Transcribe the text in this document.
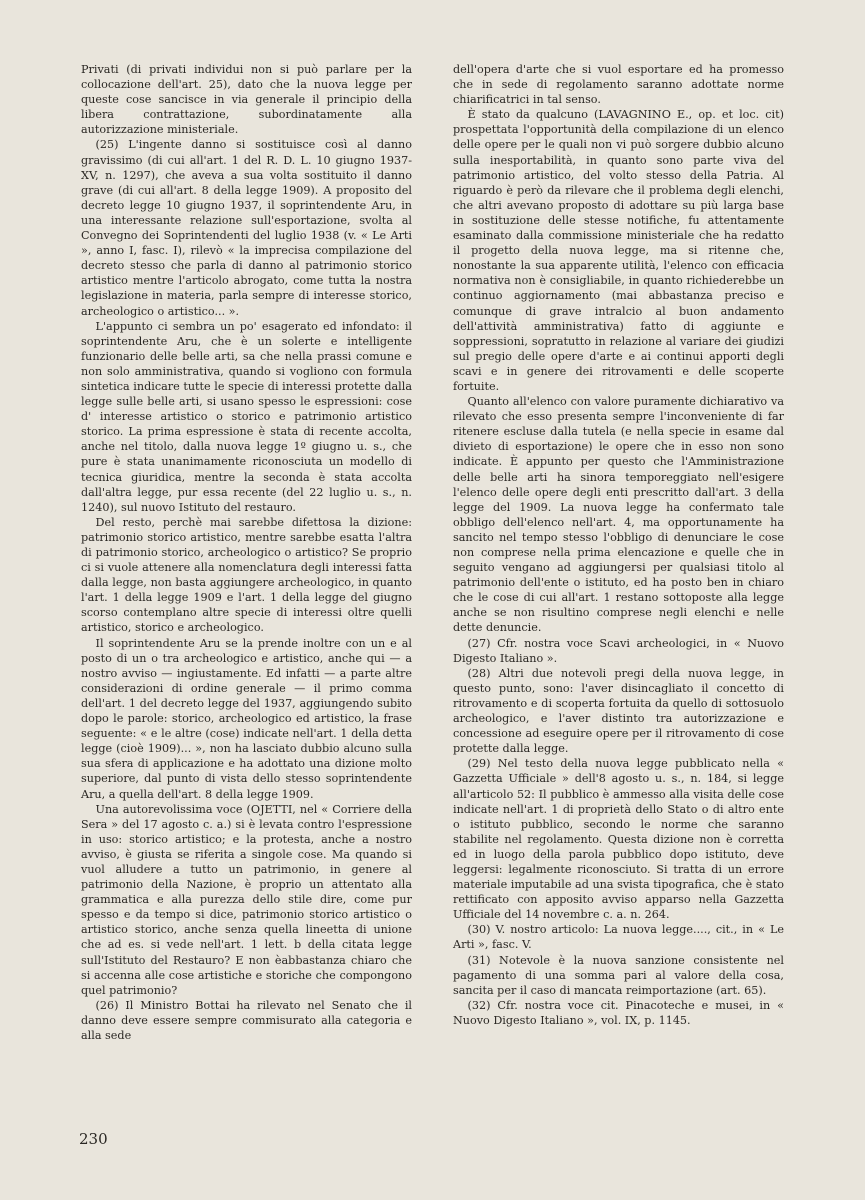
Privati (di privati individui non si può parlare per la collocazione dell'art. 25), dato che la nuova legge per queste cose sancisce in via generale il principio della libera contrattazione, subordinatamente alla autorizzazione ministeriale.

(25) L'ingente danno si sostituisce così al danno gravissimo (di cui all'art. 1 del R. D. L. 10 giugno 1937-XV, n. 1297), che aveva a sua volta sostituito il danno grave (di cui all'art. 8 della legge 1909). A proposito del decreto legge 10 giugno 1937, il soprintendente Aru, in una interessante relazione sull'esportazione, svolta al Convegno dei Soprintendenti del luglio 1938 (v. « Le Arti », anno I, fasc. I), rilevò « la imprecisa compilazione del decreto stesso che parla di danno al patrimonio storico artistico mentre l'articolo abrogato, come tutta la nostra legislazione in materia, parla sempre di interesse storico, archeologico o artistico... ».

L'appunto ci sembra un po' esagerato ed infondato: il soprintendente Aru, che è un solerte e intelligente funzionario delle belle arti, sa che nella prassi comune e non solo amministrativa, quando si vogliono con formula sintetica indicare tutte le specie di interessi protette dalla legge sulle belle arti, si usano spesso le espressioni: cose d' interesse artistico o storico e patrimonio artistico storico. La prima espressione è stata di recente accolta, anche nel titolo, dalla nuova legge 1º giugno u. s., che pure è stata unanimamente riconosciuta un modello di tecnica giuridica, mentre la seconda è stata accolta dall'altra legge, pur essa recente (del 22 luglio u. s., n. 1240), sul nuovo Istituto del restauro.

Del resto, perchè mai sarebbe difettosa la dizione: patrimonio storico artistico, mentre sarebbe esatta l'altra di patrimonio storico, archeologico o artistico? Se proprio ci si vuole attenere alla nomenclatura degli interessi fatta dalla legge, non basta aggiungere archeologico, in quanto l'art. 1 della legge 1909 e l'art. 1 della legge del giugno scorso contemplano altre specie di interessi oltre quelli artistico, storico e archeologico.

Il soprintendente Aru se la prende inoltre con un e al posto di un o tra archeologico e artistico, anche qui — a nostro avviso — ingiustamente. Ed infatti — a parte altre considerazioni di ordine generale — il primo comma dell'art. 1 del decreto legge del 1937, aggiungendo subito dopo le parole: storico, archeologico ed artistico, la frase seguente: « e le altre (cose) indicate nell'art. 1 della detta legge (cioè 1909)... », non ha lasciato dubbio alcuno sulla sua sfera di applicazione e ha adottato una dizione molto superiore, dal punto di vista dello stesso soprintendente Aru, a quella dell'art. 8 della legge 1909.

Una autorevolissima voce (OJETTI, nel « Corriere della Sera » del 17 agosto c. a.) si è levata contro l'espressione in uso: storico artistico; e la protesta, anche a nostro avviso, è giusta se riferita a singole cose. Ma quando si vuol alludere a tutto un patrimonio, in genere al patrimonio della Nazione, è proprio un attentato alla grammatica e alla purezza dello stile dire, come pur spesso e da tempo si dice, patrimonio storico artistico o artistico storico, anche senza quella lineetta di unione che ad es. si vede nell'art. 1 lett. b della citata legge sull'Istituto del Restauro? E non èabbastanza chiaro che si accenna alle cose artistiche e storiche che compongono quel patrimonio?

(26) Il Ministro Bottai ha rilevato nel Senato che il danno deve essere sempre commisurato alla categoria e alla sede

dell'opera d'arte che si vuol esportare ed ha promesso che in sede di regolamento saranno adottate norme chiarificatrici in tal senso.

È stato da qualcuno (LAVAGNINO E., op. et loc. cit) prospettata l'opportunità della compilazione di un elenco delle opere per le quali non vi può sorgere dubbio alcuno sulla inesportabilità, in quanto sono parte viva del patrimonio artistico, del volto stesso della Patria. Al riguardo è però da rilevare che il problema degli elenchi, che altri avevano proposto di adottare su più larga base in sostituzione delle stesse notifiche, fu attentamente esaminato dalla commissione ministeriale che ha redatto il progetto della nuova legge, ma si ritenne che, nonostante la sua apparente utilità, l'elenco con efficacia normativa non è consigliabile, in quanto richiederebbe un continuo aggiornamento (mai abbastanza preciso e comunque di grave intralcio al buon andamento dell'attività amministrativa) fatto di aggiunte e soppressioni, sopratutto in relazione al variare dei giudizi sul pregio delle opere d'arte e ai continui apporti degli scavi e in genere dei ritrovamenti e delle scoperte fortuite.

Quanto all'elenco con valore puramente dichiarativo va rilevato che esso presenta sempre l'inconveniente di far ritenere escluse dalla tutela (e nella specie in esame dal divieto di esportazione) le opere che in esso non sono indicate. È appunto per questo che l'Amministrazione delle belle arti ha sinora temporeggiato nell'esigere l'elenco delle opere degli enti prescritto dall'art. 3 della legge del 1909. La nuova legge ha confermato tale obbligo dell'elenco nell'art. 4, ma opportunamente ha sancito nel tempo stesso l'obbligo di denunciare le cose non comprese nella prima elencazione e quelle che in seguito vengano ad aggiungersi per qualsiasi titolo al patrimonio dell'ente o istituto, ed ha posto ben in chiaro che le cose di cui all'art. 1 restano sottoposte alla legge anche se non risultino comprese negli elenchi e nelle dette denuncie.

(27) Cfr. nostra voce Scavi archeologici, in « Nuovo Digesto Italiano ».

(28) Altri due notevoli pregi della nuova legge, in questo punto, sono: l'aver disincagliato il concetto di ritrovamento e di scoperta fortuita da quello di sottosuolo archeologico, e l'aver distinto tra autorizzazione e concessione ad eseguire opere per il ritrovamento di cose protette dalla legge.

(29) Nel testo della nuova legge pubblicato nella « Gazzetta Ufficiale » dell'8 agosto u. s., n. 184, si legge all'articolo 52: Il pubblico è ammesso alla visita delle cose indicate nell'art. 1 di proprietà dello Stato o di altro ente o istituto pubblico, secondo le norme che saranno stabilite nel regolamento. Questa dizione non è corretta ed in luogo della parola pubblico dopo istituto, deve leggersi: legalmente riconosciuto. Si tratta di un errore materiale imputabile ad una svista tipografica, che è stato rettificato con apposito avviso apparso nella Gazzetta Ufficiale del 14 novembre c. a. n. 264.

(30) V. nostro articolo: La nuova legge...., cit., in « Le Arti », fasc. V.

(31) Notevole è la nuova sanzione consistente nel pagamento di una somma pari al valore della cosa, sancita per il caso di mancata reimportazione (art. 65).

(32) Cfr. nostra voce cit. Pinacoteche e musei, in « Nuovo Digesto Italiano », vol. IX, p. 1145.

230
